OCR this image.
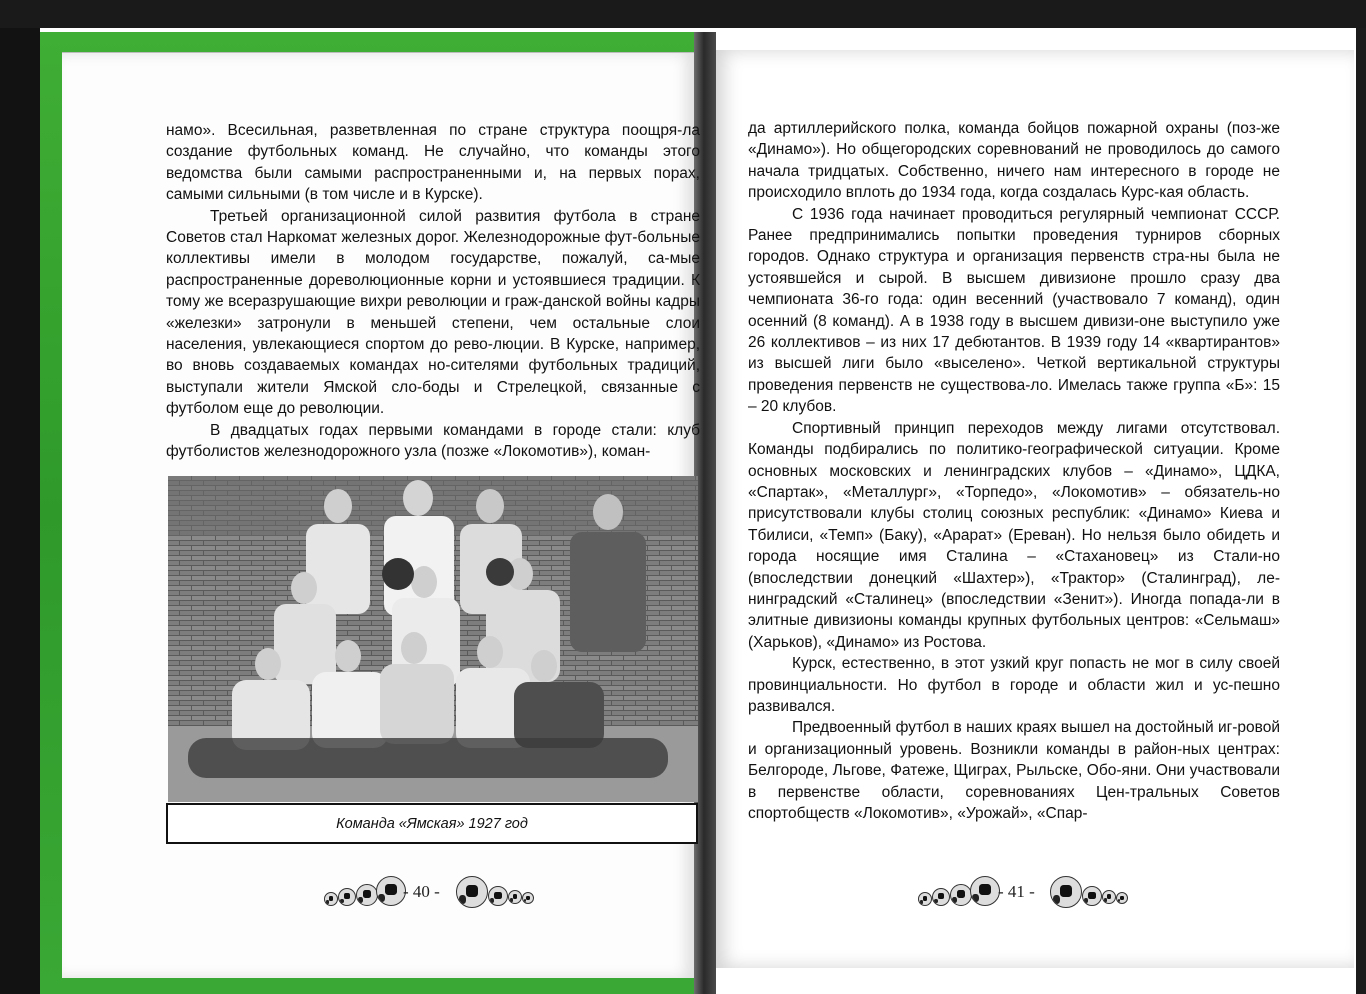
намо». Всесильная, разветвленная по стране структура поощря-ла создание футбольных команд. Не случайно, что команды этого ведомства были самыми распространенными и, на первых порах, самыми сильными (в том числе и в Курске).

Третьей организационной силой развития футбола в стране Советов стал Наркомат железных дорог. Железнодорожные фут-больные коллективы имели в молодом государстве, пожалуй, са-мые распространенные дореволюционные корни и устоявшиеся традиции. К тому же всеразрушающие вихри революции и граж-данской войны кадры «железки» затронули в меньшей степени, чем остальные слои населения, увлекающиеся спортом до рево-люции. В Курске, например, во вновь создаваемых командах но-сителями футбольных традиций, выступали жители Ямской сло-боды и Стрелецкой, связанные с футболом еще до революции.

В двадцатых годах первыми командами в городе стали: клуб футболистов железнодорожного узла (позже «Локомотив»), коман-

Команда «Ямская» 1927 год
- 40 -

да артиллерийского полка, команда бойцов пожарной охраны (поз-же «Динамо»). Но общегородских соревнований не проводилось до самого начала тридцатых. Собственно, ничего нам интересного в городе не происходило вплоть до 1934 года, когда создалась Курс-кая область.

С 1936 года начинает проводиться регулярный чемпионат СССР. Ранее предпринимались попытки проведения турниров сборных городов. Однако структура и организация первенств стра-ны была не устоявшейся и сырой. В высшем дивизионе прошло сразу два чемпионата 36-го года: один весенний (участвовало 7 команд), один осенний (8 команд). А в 1938 году в высшем дивизи-оне выступило уже 26 коллективов – из них 17 дебютантов. В 1939 году 14 «квартирантов» из высшей лиги было «выселено». Четкой вертикальной структуры проведения первенств не существова-ло. Имелась также группа «Б»: 15 – 20 клубов.

Спортивный принцип переходов между лигами отсутствовал. Команды подбирались по политико-географической ситуации. Кроме основных московских и ленинградских клубов – «Динамо», ЦДКА, «Спартак», «Металлург», «Торпедо», «Локомотив» – обязатель-но присутствовали клубы столиц союзных республик: «Динамо» Киева и Тбилиси, «Темп» (Баку), «Арарат» (Ереван). Но нельзя было обидеть и города носящие имя Сталина – «Стахановец» из Стали-но (впоследствии донецкий «Шахтер»), «Трактор» (Сталинград), ле-нинградский «Сталинец» (впоследствии «Зенит»). Иногда попада-ли в элитные дивизионы команды крупных футбольных центров: «Сельмаш» (Харьков), «Динамо» из Ростова.

Курск, естественно, в этот узкий круг попасть не мог в силу своей провинциальности. Но футбол в городе и области жил и ус-пешно развивался.

Предвоенный футбол в наших краях вышел на достойный иг-ровой и организационный уровень. Возникли команды в район-ных центрах: Белгороде, Льгове, Фатеже, Щиграх, Рыльске, Обо-яни. Они участвовали в первенстве области, соревнованиях Цен-тральных Советов спортобществ «Локомотив», «Урожай», «Спар-

- 41 -
